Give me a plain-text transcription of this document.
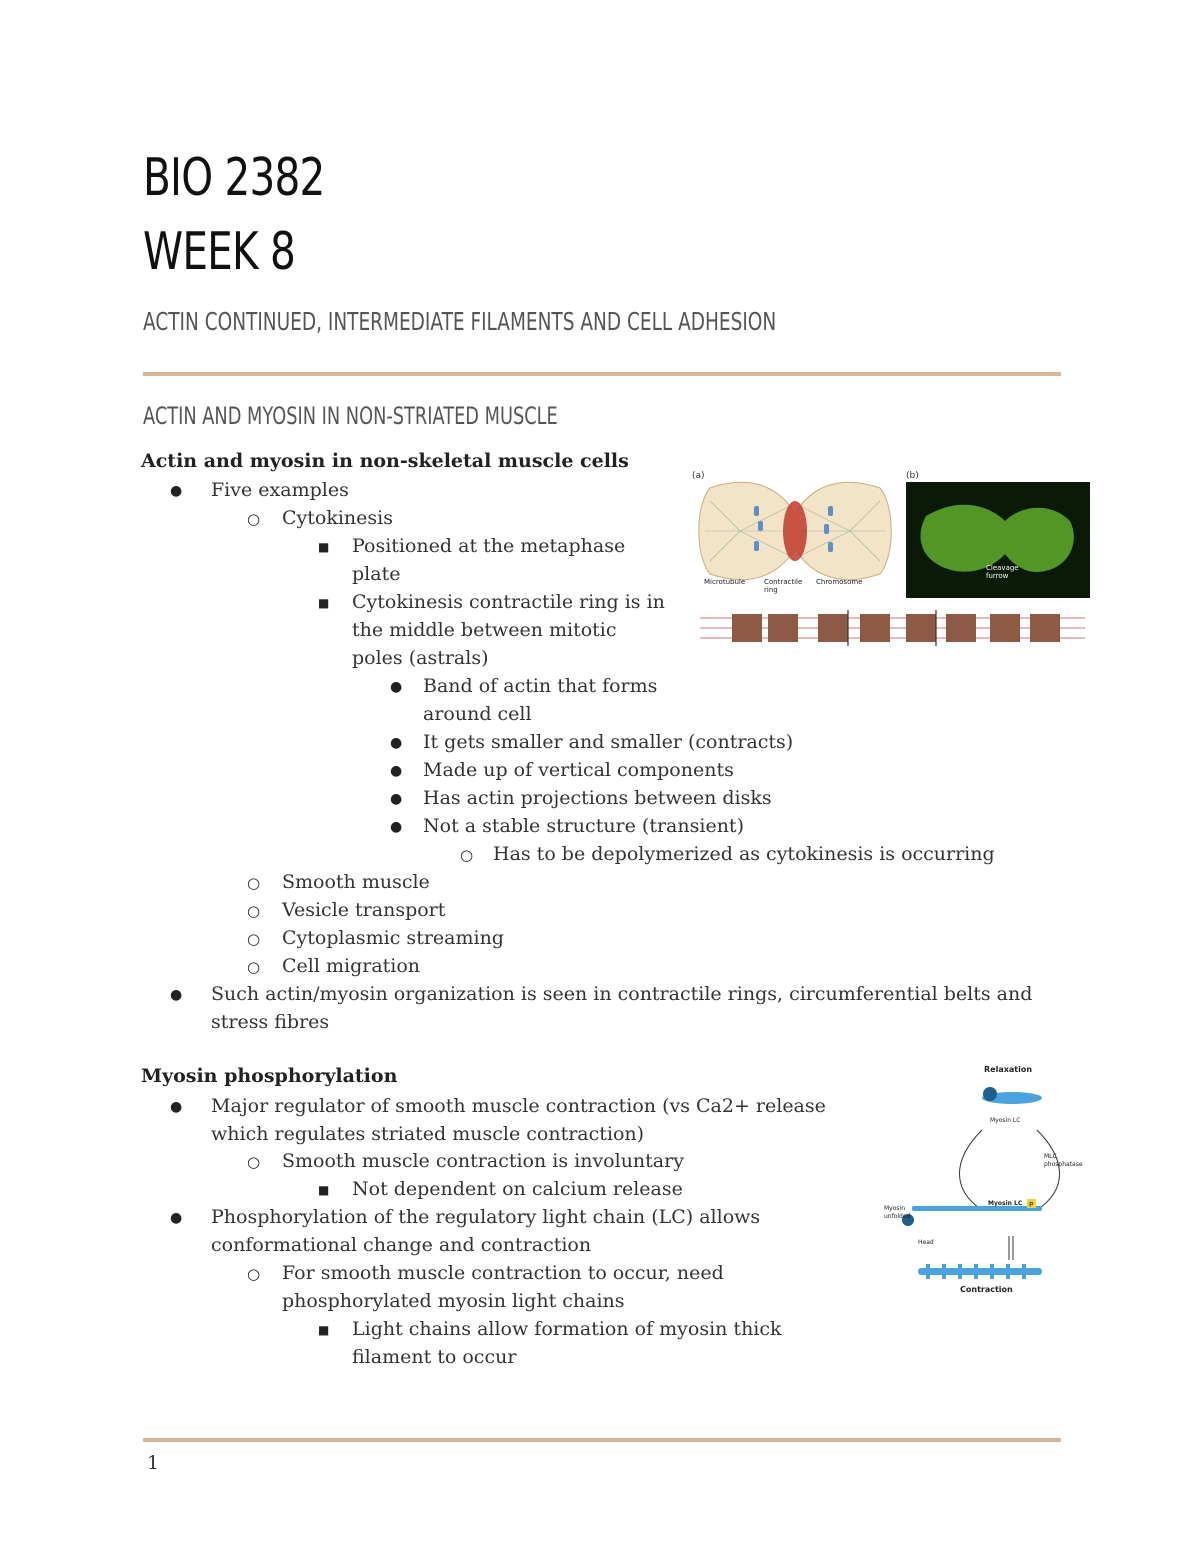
BIO 2382
WEEK 8
ACTIN CONTINUED, INTERMEDIATE FILAMENTS AND CELL ADHESION
ACTIN AND MYOSIN IN NON-STRIATED MUSCLE
Actin and myosin in non-skeletal muscle cells
●
Five examples
○
Cytokinesis
■
Positioned at the metaphase
plate
■
Cytokinesis contractile ring is in
the middle between mitotic
poles (astrals)
●
Band of actin that forms
around cell
●
It gets smaller and smaller (contracts)
●
Made up of vertical components
●
Has actin projections between disks
●
Not a stable structure (transient)
○
Has to be depolymerized as cytokinesis is occurring
○
Smooth muscle
○
Vesicle transport
○
Cytoplasmic streaming
○
Cell migration
●
Such actin/myosin organization is seen in contractile rings, circumferential belts and
stress fibres
Myosin phosphorylation
●
Major regulator of smooth muscle contraction (vs Ca2+ release
which regulates striated muscle contraction)
○
Smooth muscle contraction is involuntary
■
Not dependent on calcium release
●
Phosphorylation of the regulatory light chain (LC) allows
conformational change and contraction
○
For smooth muscle contraction to occur, need
phosphorylated myosin light chains
■
Light chains allow formation of myosin thick
filament to occur
(a)	(b)
Microtubule	Contractile
ring
Chromosome
Cleavage
furrow
Relaxation
Myosin LC
MLC
phosphatase
Myosin LC P
Myosin
unfolded
Head
Contraction
1
